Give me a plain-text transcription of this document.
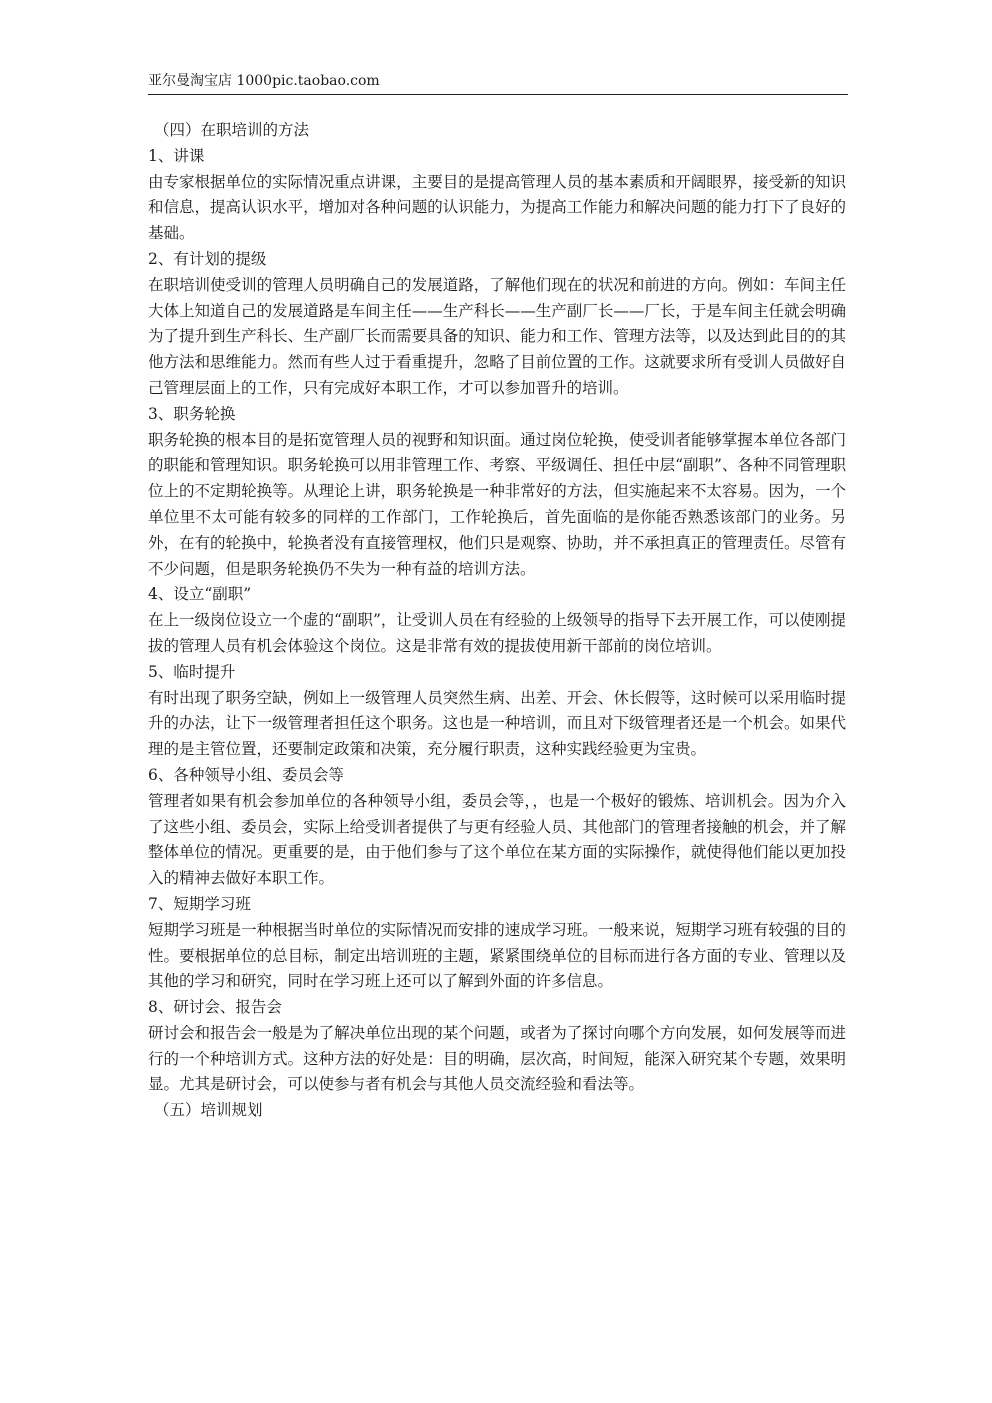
亚尔曼淘宝店 1000pic.taobao.com

（四）在职培训的方法

1、讲课

由专家根据单位的实际情况重点讲课，主要目的是提高管理人员的基本素质和开阔眼界，接受新的知识和信息，提高认识水平，增加对各种问题的认识能力，为提高工作能力和解决问题的能力打下了良好的基础。

2、有计划的提级

在职培训使受训的管理人员明确自己的发展道路，了解他们现在的状况和前进的方向。例如：车间主任大体上知道自己的发展道路是车间主任——生产科长——生产副厂长——厂长，于是车间主任就会明确为了提升到生产科长、生产副厂长而需要具备的知识、能力和工作、管理方法等，以及达到此目的的其他方法和思维能力。然而有些人过于看重提升，忽略了目前位置的工作。这就要求所有受训人员做好自己管理层面上的工作，只有完成好本职工作，才可以参加晋升的培训。

3、职务轮换

职务轮换的根本目的是拓宽管理人员的视野和知识面。通过岗位轮换，使受训者能够掌握本单位各部门的职能和管理知识。职务轮换可以用非管理工作、考察、平级调任、担任中层“副职”、各种不同管理职位上的不定期轮换等。从理论上讲，职务轮换是一种非常好的方法，但实施起来不太容易。因为，一个单位里不太可能有较多的同样的工作部门，工作轮换后，首先面临的是你能否熟悉该部门的业务。另外，在有的轮换中，轮换者没有直接管理权，他们只是观察、协助，并不承担真正的管理责任。尽管有不少问题，但是职务轮换仍不失为一种有益的培训方法。

4、设立“副职”

在上一级岗位设立一个虚的“副职”，让受训人员在有经验的上级领导的指导下去开展工作，可以使刚提拔的管理人员有机会体验这个岗位。这是非常有效的提拔使用新干部前的岗位培训。

5、临时提升

有时出现了职务空缺，例如上一级管理人员突然生病、出差、开会、休长假等，这时候可以采用临时提升的办法，让下一级管理者担任这个职务。这也是一种培训，而且对下级管理者还是一个机会。如果代理的是主管位置，还要制定政策和决策，充分履行职责，这种实践经验更为宝贵。

6、各种领导小组、委员会等

管理者如果有机会参加单位的各种领导小组，委员会等，，也是一个极好的锻炼、培训机会。因为介入了这些小组、委员会，实际上给受训者提供了与更有经验人员、其他部门的管理者接触的机会，并了解整体单位的情况。更重要的是，由于他们参与了这个单位在某方面的实际操作，就使得他们能以更加投入的精神去做好本职工作。

7、短期学习班

短期学习班是一种根据当时单位的实际情况而安排的速成学习班。一般来说，短期学习班有较强的目的性。要根据单位的总目标，制定出培训班的主题，紧紧围绕单位的目标而进行各方面的专业、管理以及其他的学习和研究，同时在学习班上还可以了解到外面的许多信息。

8、研讨会、报告会

研讨会和报告会一般是为了解决单位出现的某个问题，或者为了探讨向哪个方向发展，如何发展等而进行的一个种培训方式。这种方法的好处是：目的明确，层次高，时间短，能深入研究某个专题，效果明显。尤其是研讨会，可以使参与者有机会与其他人员交流经验和看法等。

（五）培训规划
